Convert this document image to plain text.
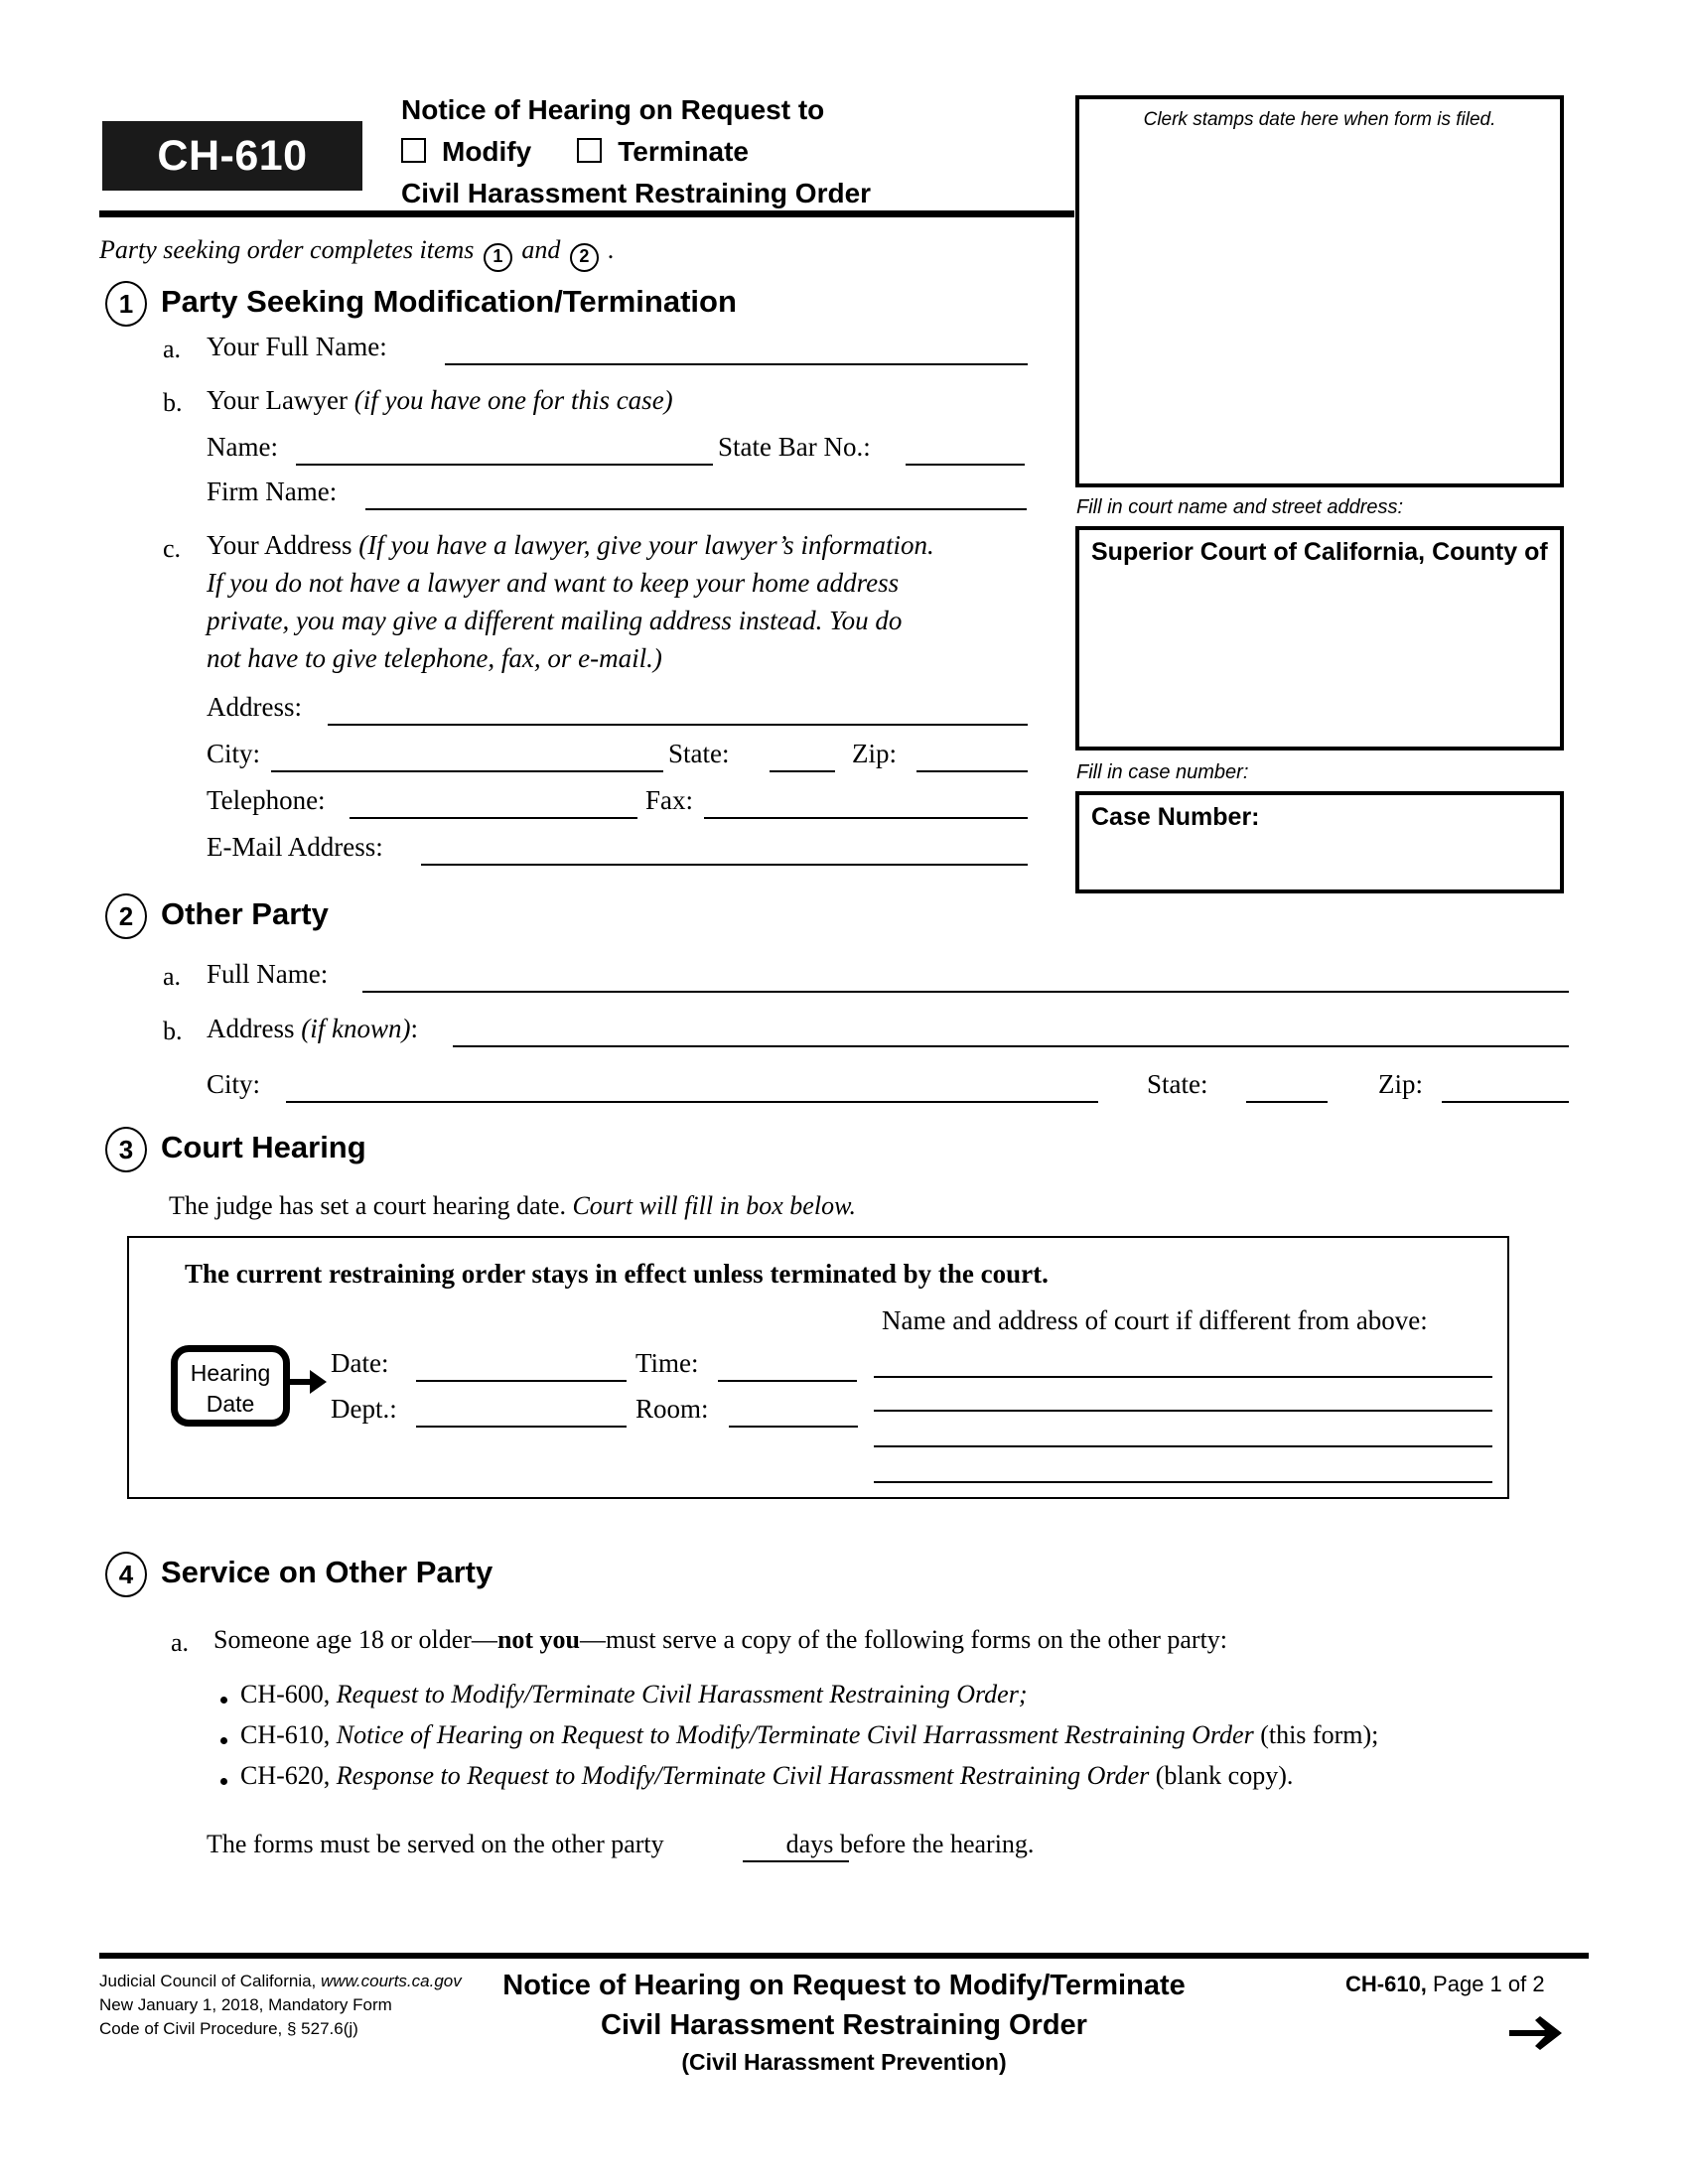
CH-610
Notice of Hearing on Request to
Modify	Terminate
Civil Harassment Restraining Order
Clerk stamps date here when form is filed.
Fill in court name and street address:
Superior Court of California, County of
Fill in case number:
Case Number:
Party seeking order completes items 1 and 2 .
1 Party Seeking Modification/Termination
a. Your Full Name:
b. Your Lawyer (if you have one for this case)
Name:	State Bar No.:
Firm Name:
c. Your Address (If you have a lawyer, give your lawyer’s information.
If you do not have a lawyer and want to keep your home address
private, you may give a different mailing address instead. You do
not have to give telephone, fax, or e-mail.)
Address:
City:	State:	Zip:
Telephone:	Fax:
E-Mail Address:
2 Other Party
a. Full Name:
b. Address (if known):
City:	State:	Zip:
3 Court Hearing
The judge has set a court hearing date. Court will fill in box below.
The current restraining order stays in effect unless terminated by the court.
Hearing
Date
Date:	Time:
Dept.:	Room:
Name and address of court if different from above:
4 Service on Other Party
a. Someone age 18 or older—not you—must serve a copy of the following forms on the other party:
CH-600, Request to Modify/Terminate Civil Harassment Restraining Order;
CH-610, Notice of Hearing on Request to Modify/Terminate Civil Harrassment Restraining Order (this form);
CH-620, Response to Request to Modify/Terminate Civil Harassment Restraining Order (blank copy).
The forms must be served on the other party	days before the hearing.
Judicial Council of California, www.courts.ca.gov
New January 1, 2018, Mandatory Form
Code of Civil Procedure, § 527.6(j)
Notice of Hearing on Request to Modify/Terminate
Civil Harassment Restraining Order
(Civil Harassment Prevention)
CH-610, Page 1 of 2
